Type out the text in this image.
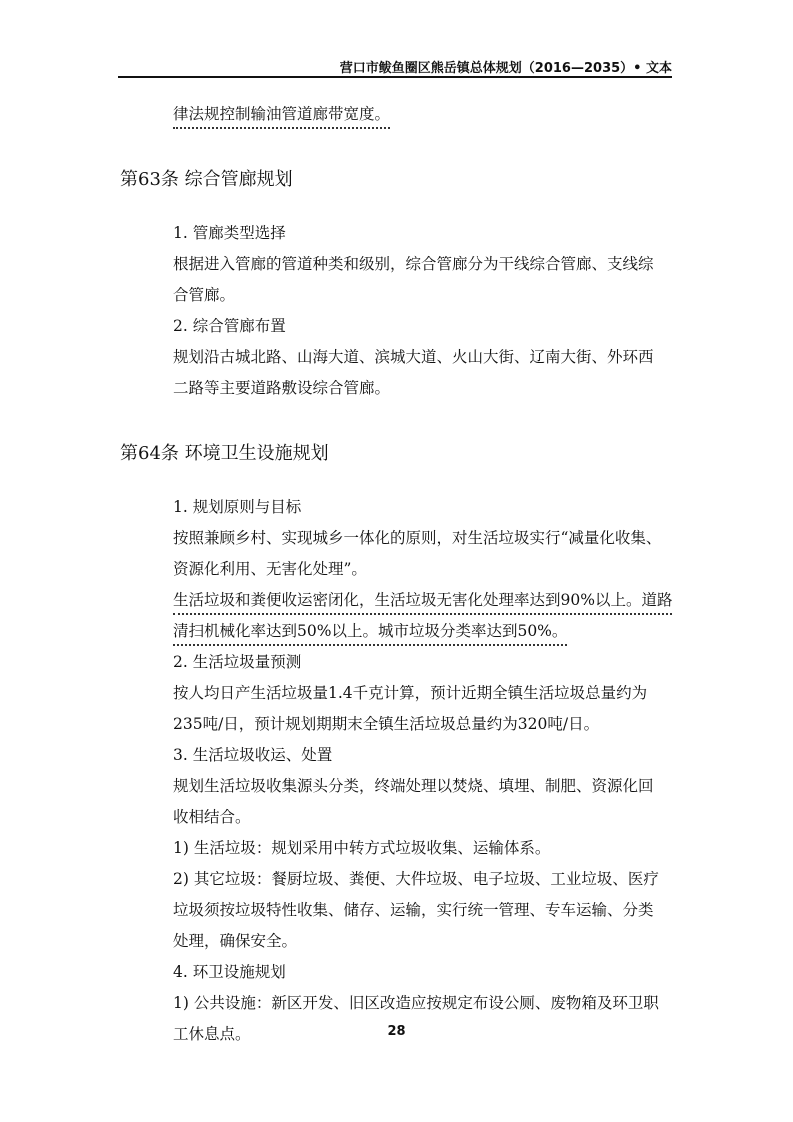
营口市鲅鱼圈区熊岳镇总体规划（2016—2035）• 文本
律法规控制输油管道廊带宽度。
第63条 综合管廊规划
1. 管廊类型选择
根据进入管廊的管道种类和级别，综合管廊分为干线综合管廊、支线综
合管廊。
2. 综合管廊布置
规划沿古城北路、山海大道、滨城大道、火山大街、辽南大街、外环西
二路等主要道路敷设综合管廊。
第64条 环境卫生设施规划
1. 规划原则与目标
按照兼顾乡村、实现城乡一体化的原则，对生活垃圾实行“减量化收集、
资源化利用、无害化处理”。
生活垃圾和粪便收运密闭化，生活垃圾无害化处理率达到90%以上。道路
清扫机械化率达到50%以上。城市垃圾分类率达到50%。
2. 生活垃圾量预测
按人均日产生活垃圾量1.4千克计算，预计近期全镇生活垃圾总量约为
235吨/日，预计规划期期末全镇生活垃圾总量约为320吨/日。
3. 生活垃圾收运、处置
规划生活垃圾收集源头分类，终端处理以焚烧、填埋、制肥、资源化回
收相结合。
1) 生活垃圾：规划采用中转方式垃圾收集、运输体系。
2) 其它垃圾：餐厨垃圾、粪便、大件垃圾、电子垃圾、工业垃圾、医疗
垃圾须按垃圾特性收集、储存、运输，实行统一管理、专车运输、分类
处理，确保安全。
4. 环卫设施规划
1) 公共设施：新区开发、旧区改造应按规定布设公厕、废物箱及环卫职
工休息点。	28
